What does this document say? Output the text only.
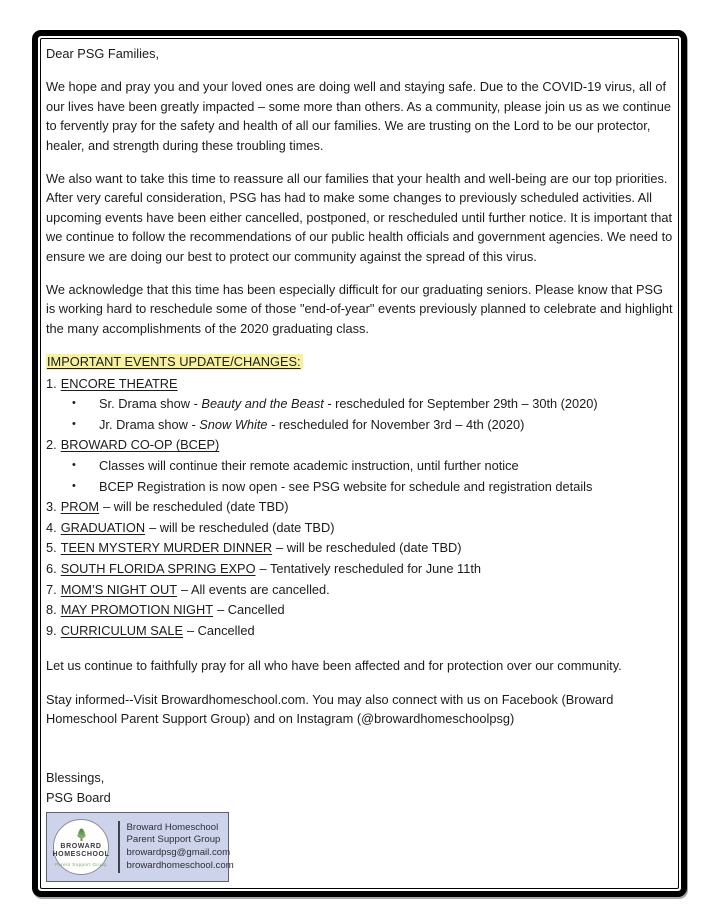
Dear PSG Families,

We hope and pray you and your loved ones are doing well and staying safe. Due to the COVID-19 virus, all of our lives have been greatly impacted – some more than others. As a community, please join us as we continue to fervently pray for the safety and health of all our families. We are trusting on the Lord to be our protector, healer, and strength during these troubling times.

We also want to take this time to reassure all our families that your health and well-being are our top priorities. After very careful consideration, PSG has had to make some changes to previously scheduled activities. All upcoming events have been either cancelled, postponed, or rescheduled until further notice. It is important that we continue to follow the recommendations of our public health officials and government agencies. We need to ensure we are doing our best to protect our community against the spread of this virus.

We acknowledge that this time has been especially difficult for our graduating seniors. Please know that PSG is working hard to reschedule some of those "end-of-year" events previously planned to celebrate and highlight the many accomplishments of the 2020 graduating class.

IMPORTANT EVENTS UPDATE/CHANGES:

1. ENCORE THEATRE
•	Sr. Drama show - Beauty and the Beast - rescheduled for September 29th – 30th (2020)
•	Jr. Drama show - Snow White - rescheduled for November 3rd – 4th (2020)
2. BROWARD CO-OP (BCEP)
•	Classes will continue their remote academic instruction, until further notice
•	BCEP Registration is now open - see PSG website for schedule and registration details
3. PROM – will be rescheduled (date TBD)
4. GRADUATION – will be rescheduled (date TBD)
5. TEEN MYSTERY MURDER DINNER – will be rescheduled (date TBD)
6. SOUTH FLORIDA SPRING EXPO – Tentatively rescheduled for June 11th
7. MOM’S NIGHT OUT – All events are cancelled.
8. MAY PROMOTION NIGHT – Cancelled
9. CURRICULUM SALE – Cancelled

Let us continue to faithfully pray for all who have been affected and for protection over our community.

Stay informed--Visit Browardhomeschool.com. You may also connect with us on Facebook (Broward Homeschool Parent Support Group) and on Instagram (@browardhomeschoolpsg)

Blessings,

PSG Board

BROWARD
HOMESCHOOL
Parent Support Group
Broward Homeschool
Parent Support Group
browardpsg@gmail.com
browardhomeschool.com
